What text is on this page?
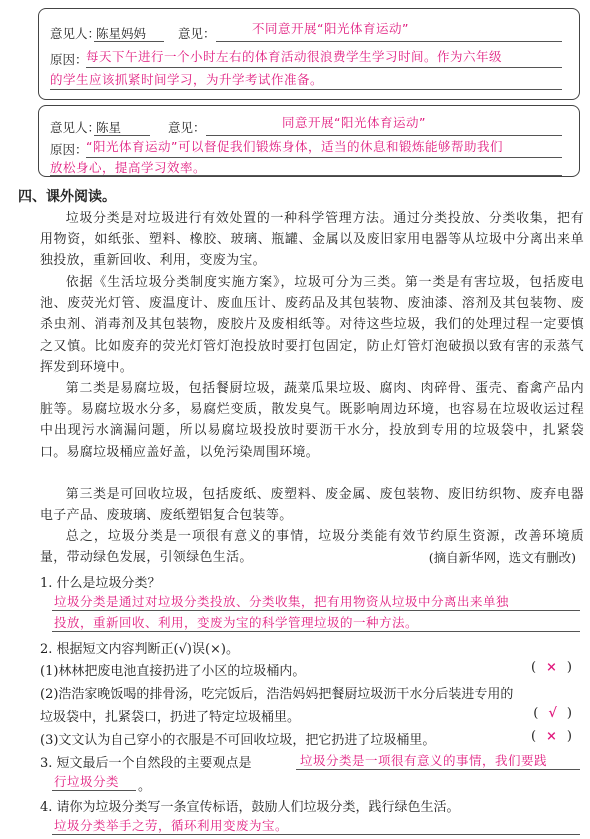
意见人：
陈星妈妈	意见：	不同意开展“阳光体育运动”
原因：
每天下午进行一个小时左右的体育活动很浪费学生学习时间。作为六年级
的学生应该抓紧时间学习，为升学考试作准备。
意见人：
陈星	意见：	同意开展“阳光体育运动”
原因：
“阳光体育运动”可以督促我们锻炼身体，适当的休息和锻炼能够帮助我们
放松身心，提高学习效率。
四、课外阅读。

垃圾分类是对垃圾进行有效处置的一种科学管理方法。通过分类投放、分类收集，把有用物资，如纸张、塑料、橡胶、玻璃、瓶罐、金属以及废旧家用电器等从垃圾中分离出来单独投放，重新回收、利用，变废为宝。

依据《生活垃圾分类制度实施方案》，垃圾可分为三类。第一类是有害垃圾，包括废电池、废荧光灯管、废温度计、废血压计、废药品及其包装物、废油漆、溶剂及其包装物、废杀虫剂、消毒剂及其包装物，废胶片及废相纸等。对待这些垃圾，我们的处理过程一定要慎之又慎。比如废弃的荧光灯管灯泡投放时要打包固定，防止灯管灯泡破损以致有害的汞蒸气挥发到环境中。

第二类是易腐垃圾，包括餐厨垃圾，蔬菜瓜果垃圾、腐肉、肉碎骨、蛋壳、畜禽产品内脏等。易腐垃圾水分多，易腐烂变质，散发臭气。既影响周边环境，也容易在垃圾收运过程中出现污水滴漏问题，所以易腐垃圾投放时要沥干水分，投放到专用的垃圾袋中，扎紧袋口。易腐垃圾桶应盖好盖，以免污染周围环境。

第三类是可回收垃圾，包括废纸、废塑料、废金属、废包装物、废旧纺织物、废弃电器电子产品、废玻璃、废纸塑铝复合包装等。

总之，垃圾分类是一项很有意义的事情，垃圾分类能有效节约原生资源，改善环境质量，带动绿色发展，引领绿色生活。	(摘自新华网，选文有删改)
1. 什么是垃圾分类？
垃圾分类是通过对垃圾分类投放、分类收集，把有用物资从垃圾中分离出来单独
投放，重新回收、利用，变废为宝的科学管理垃圾的一种方法。
2. 根据短文内容判断正(√)误(×)。
(1)林林把废电池直接扔进了小区的垃圾桶内。	( × )
(2)浩浩家晚饭喝的排骨汤，吃完饭后，浩浩妈妈把餐厨垃圾沥干水分后装进专用的
垃圾袋中，扎紧袋口，扔进了特定垃圾桶里。	( √ )
(3)文文认为自己穿小的衣服是不可回收垃圾，把它扔进了垃圾桶里。	( × )
3. 短文最后一个自然段的主要观点是	垃圾分类是一项很有意义的事情，我们要践
行垃圾分类 。
4. 请你为垃圾分类写一条宣传标语，鼓励人们垃圾分类，践行绿色生活。
垃圾分类举手之劳，循环利用变废为宝。
